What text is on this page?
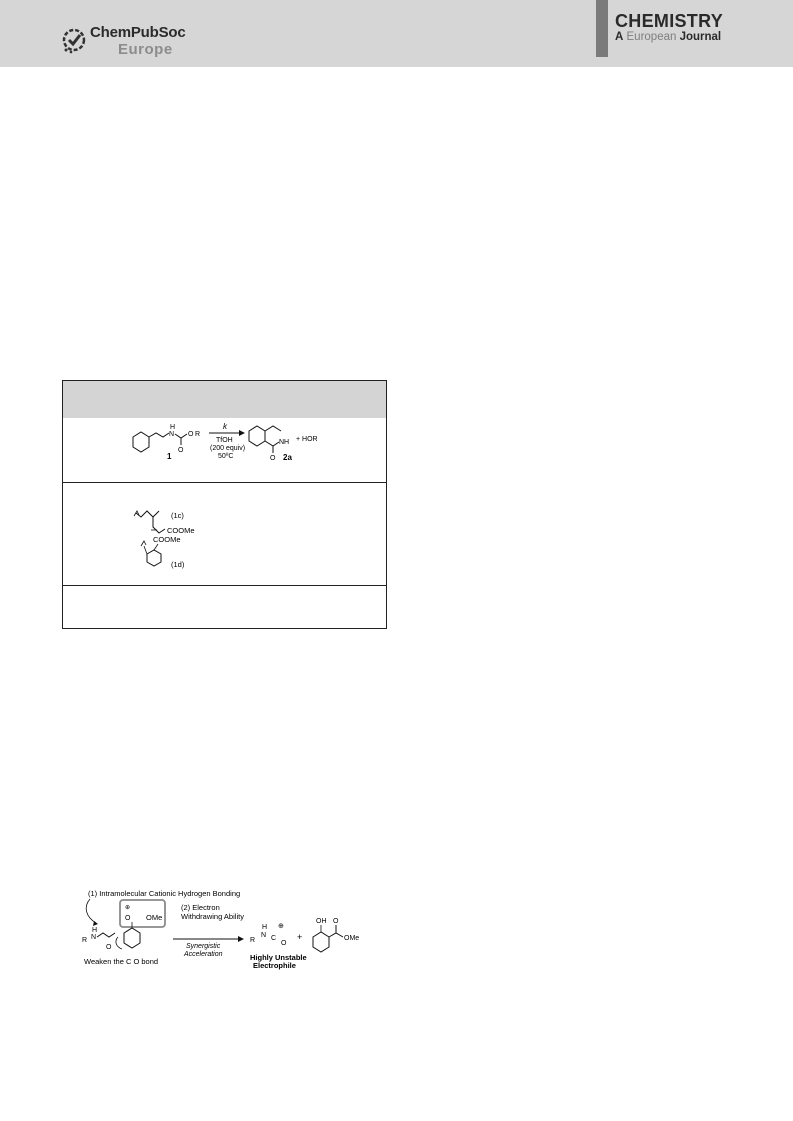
ChemPubSoc
Europe
CHEMISTRY
A European Journal
H
N	R
O
O
1
k
TfOH
(200 equiv)
50ºC
NH
O 2a
+ HOR
(1c)
COOMe
COOMe
(1d)
(1) Intramolecular Cationic Hydrogen Bonding
⊕
OMe
O
(2) Electron
Withdrawing Ability
H
R N
O
Weaken the C O bond
Synergistic
Acceleration
R
H
N C
⊕
O
Highly Unstable
Electrophile
+
OH O
OMe
